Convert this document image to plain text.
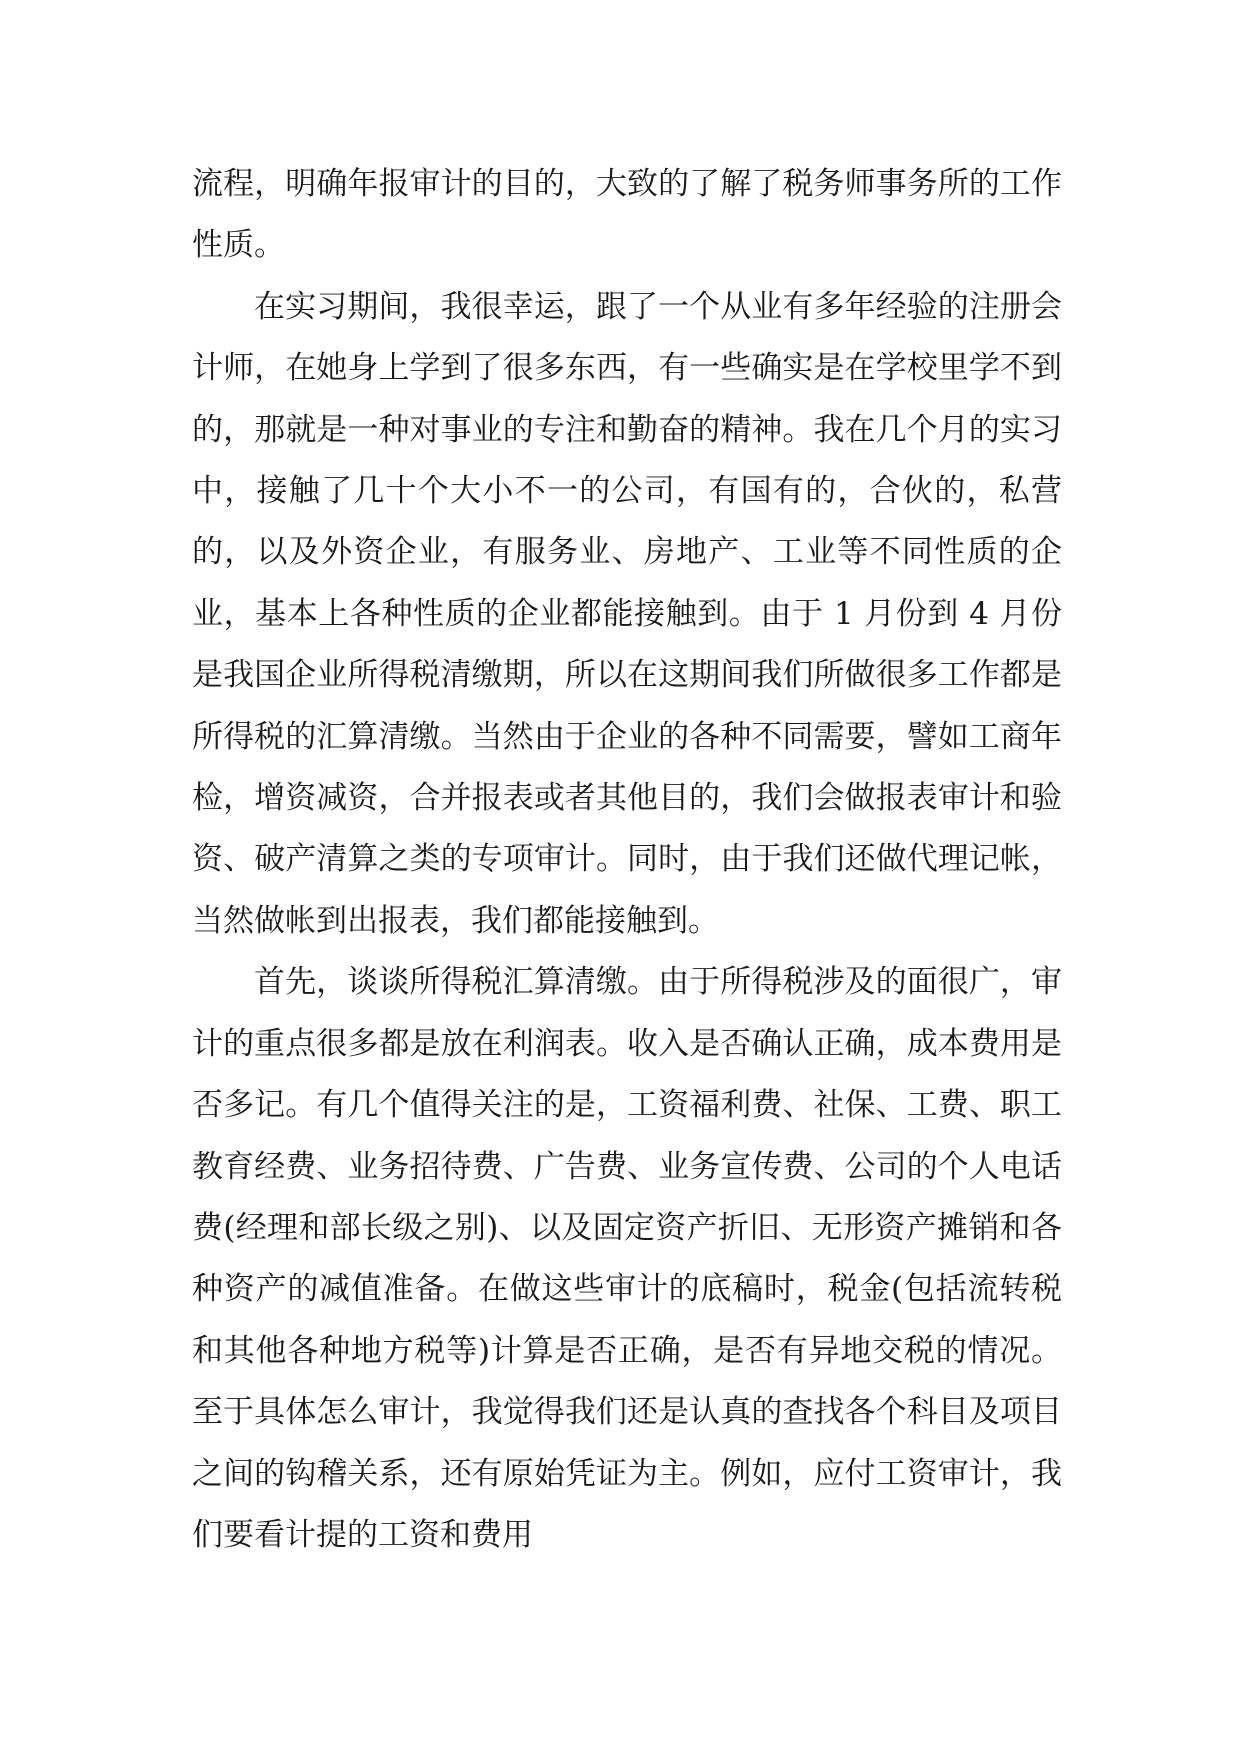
流程，明确年报审计的目的，大致的了解了税务师事务所的工作性质。

在实习期间，我很幸运，跟了一个从业有多年经验的注册会计师，在她身上学到了很多东西，有一些确实是在学校里学不到的，那就是一种对事业的专注和勤奋的精神。我在几个月的实习中，接触了几十个大小不一的公司，有国有的，合伙的，私营的，以及外资企业，有服务业、房地产、工业等不同性质的企业，基本上各种性质的企业都能接触到。由于 1 月份到 4 月份是我国企业所得税清缴期，所以在这期间我们所做很多工作都是所得税的汇算清缴。当然由于企业的各种不同需要，譬如工商年检，增资减资，合并报表或者其他目的，我们会做报表审计和验资、破产清算之类的专项审计。同时，由于我们还做代理记帐，当然做帐到出报表，我们都能接触到。

首先，谈谈所得税汇算清缴。由于所得税涉及的面很广，审计的重点很多都是放在利润表。收入是否确认正确，成本费用是否多记。有几个值得关注的是，工资福利费、社保、工费、职工教育经费、业务招待费、广告费、业务宣传费、公司的个人电话费(经理和部长级之别)、以及固定资产折旧、无形资产摊销和各种资产的减值准备。在做这些审计的底稿时，税金(包括流转税和其他各种地方税等)计算是否正确，是否有异地交税的情况。至于具体怎么审计，我觉得我们还是认真的查找各个科目及项目之间的钩稽关系，还有原始凭证为主。例如，应付工资审计，我们要看计提的工资和费用
